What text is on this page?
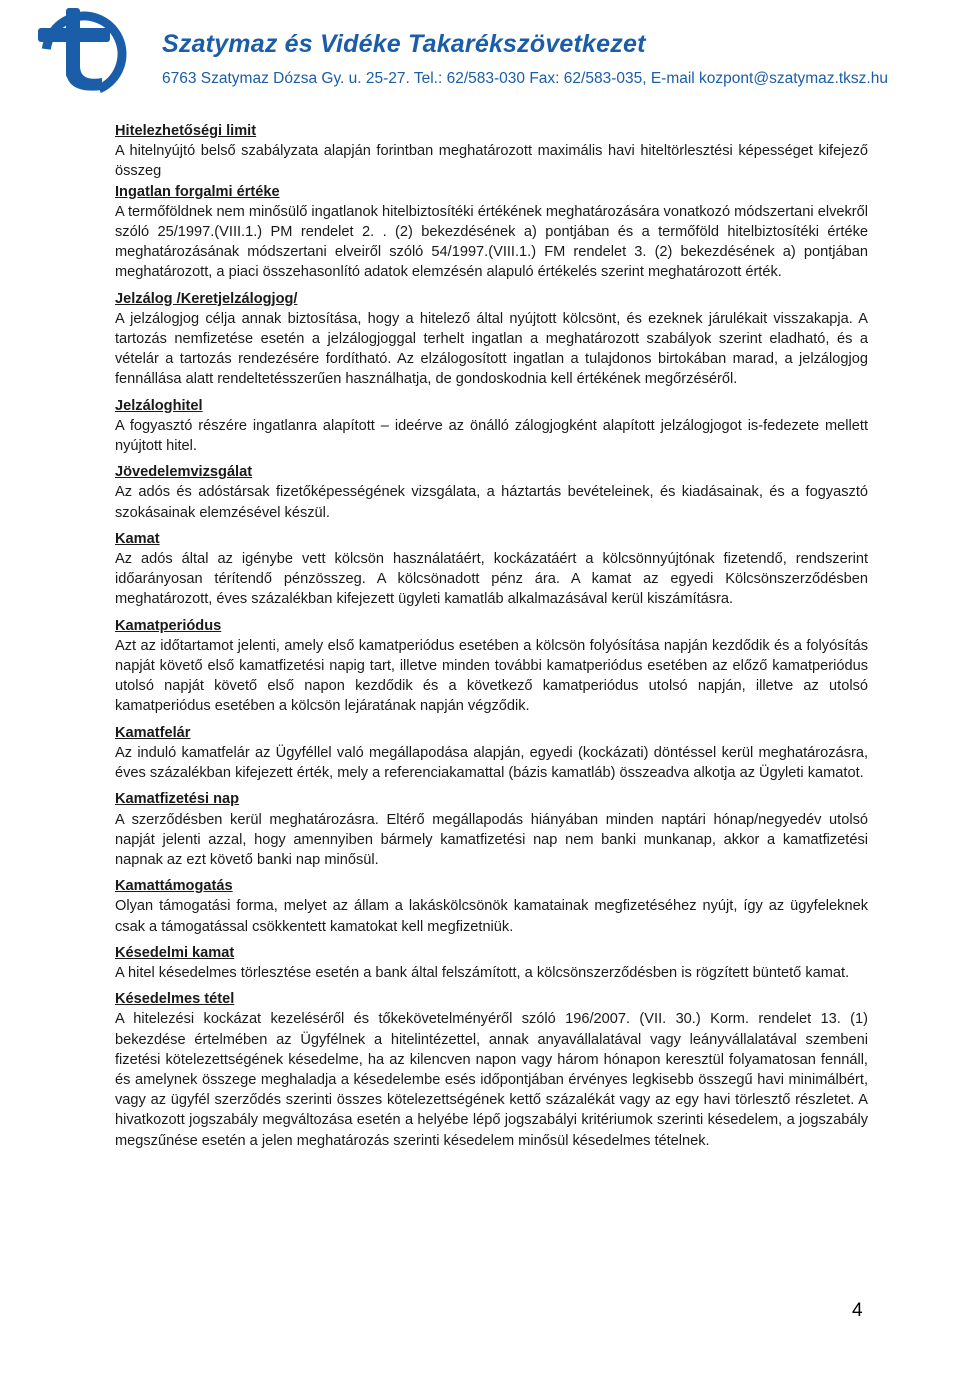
Szatymaz és Vidéke Takarékszövetkezet
6763 Szatymaz Dózsa Gy. u. 25-27. Tel.: 62/583-030 Fax: 62/583-035, E-mail kozpont@szatymaz.tksz.hu
Hitelezhetőségi limit
A hitelnyújtó belső szabályzata alapján forintban meghatározott maximális havi hiteltörlesztési képességet kifejező összeg
Ingatlan forgalmi értéke
A termőföldnek nem minősülő ingatlanok hitelbiztosítéki értékének meghatározására vonatkozó módszertani elvekről szóló 25/1997.(VIII.1.) PM rendelet 2. . (2) bekezdésének a) pontjában és a termőföld hitelbiztosítéki értéke meghatározásának módszertani elveiről szóló 54/1997.(VIII.1.) FM rendelet 3. (2) bekezdésének a) pontjában meghatározott, a piaci összehasonlító adatok elemzésén alapuló értékelés szerint meghatározott érték.
Jelzálog /Keretjelzálogjog/
A jelzálogjog célja annak biztosítása, hogy a hitelező által nyújtott kölcsönt, és ezeknek járulékait visszakapja. A tartozás nemfizetése esetén a jelzálogjoggal terhelt ingatlan a meghatározott szabályok szerint eladható, és a vételár a tartozás rendezésére fordítható. Az elzálogosított ingatlan a tulajdonos birtokában marad, a jelzálogjog fennállása alatt rendeltetésszerűen használhatja, de gondoskodnia kell értékének megőrzéséről.
Jelzáloghitel
A fogyasztó részére ingatlanra alapított – ideérve az önálló zálogjogként alapított jelzálogjogot is-fedezete mellett nyújtott hitel.
Jövedelemvizsgálat
Az adós és adóstársak fizetőképességének vizsgálata, a háztartás bevételeinek, és kiadásainak, és a fogyasztó szokásainak elemzésével készül.
Kamat
Az adós által az igénybe vett kölcsön használatáért, kockázatáért a kölcsönnyújtónak fizetendő, rendszerint időarányosan térítendő pénzösszeg. A kölcsönadott pénz ára. A kamat az egyedi Kölcsönszerződésben meghatározott, éves százalékban kifejezett ügyleti kamatláb alkalmazásával kerül kiszámításra.
Kamatperiódus
Azt az időtartamot jelenti, amely első kamatperiódus esetében a kölcsön folyósítása napján kezdődik és a folyósítás napját követő első kamatfizetési napig tart, illetve minden további kamatperiódus esetében az előző kamatperiódus utolsó napját követő első napon kezdődik és a következő kamatperiódus utolsó napján, illetve az utolsó kamatperiódus esetében a kölcsön lejáratának napján végződik.
Kamatfelár
Az induló kamatfelár az Ügyféllel való megállapodása alapján, egyedi (kockázati) döntéssel kerül meghatározásra, éves százalékban kifejezett érték, mely a referenciakamattal (bázis kamatláb) összeadva alkotja az Ügyleti kamatot.
Kamatfizetési nap
A szerződésben kerül meghatározásra. Eltérő megállapodás hiányában minden naptári hónap/negyedév utolsó napját jelenti azzal, hogy amennyiben bármely kamatfizetési nap nem banki munkanap, akkor a kamatfizetési napnak az ezt követő banki nap minősül.
Kamattámogatás
Olyan támogatási forma, melyet az állam a lakáskölcsönök kamatainak megfizetéséhez nyújt, így az ügyfeleknek csak a támogatással csökkentett kamatokat kell megfizetniük.
Késedelmi kamat
A hitel késedelmes törlesztése esetén a bank által felszámított, a kölcsönszerződésben is rögzített büntető kamat.
Késedelmes tétel
A hitelezési kockázat kezeléséről és tőkekövetelményéről szóló 196/2007. (VII. 30.) Korm. rendelet 13. (1) bekezdése értelmében az Ügyfélnek a hitelintézettel, annak anyavállalatával vagy leányvállalatával szembeni fizetési kötelezettségének késedelme, ha az kilencven napon vagy három hónapon keresztül folyamatosan fennáll, és amelynek összege meghaladja a késedelembe esés időpontjában érvényes legkisebb összegű havi minimálbért, vagy az ügyfél szerződés szerinti összes kötelezettségének kettő százalékát vagy az egy havi törlesztő részletet. A hivatkozott jogszabály megváltozása esetén a helyébe lépő jogszabályi kritériumok szerinti késedelem, a jogszabály megszűnése esetén a jelen meghatározás szerinti késedelem minősül késedelmes tételnek.
4
